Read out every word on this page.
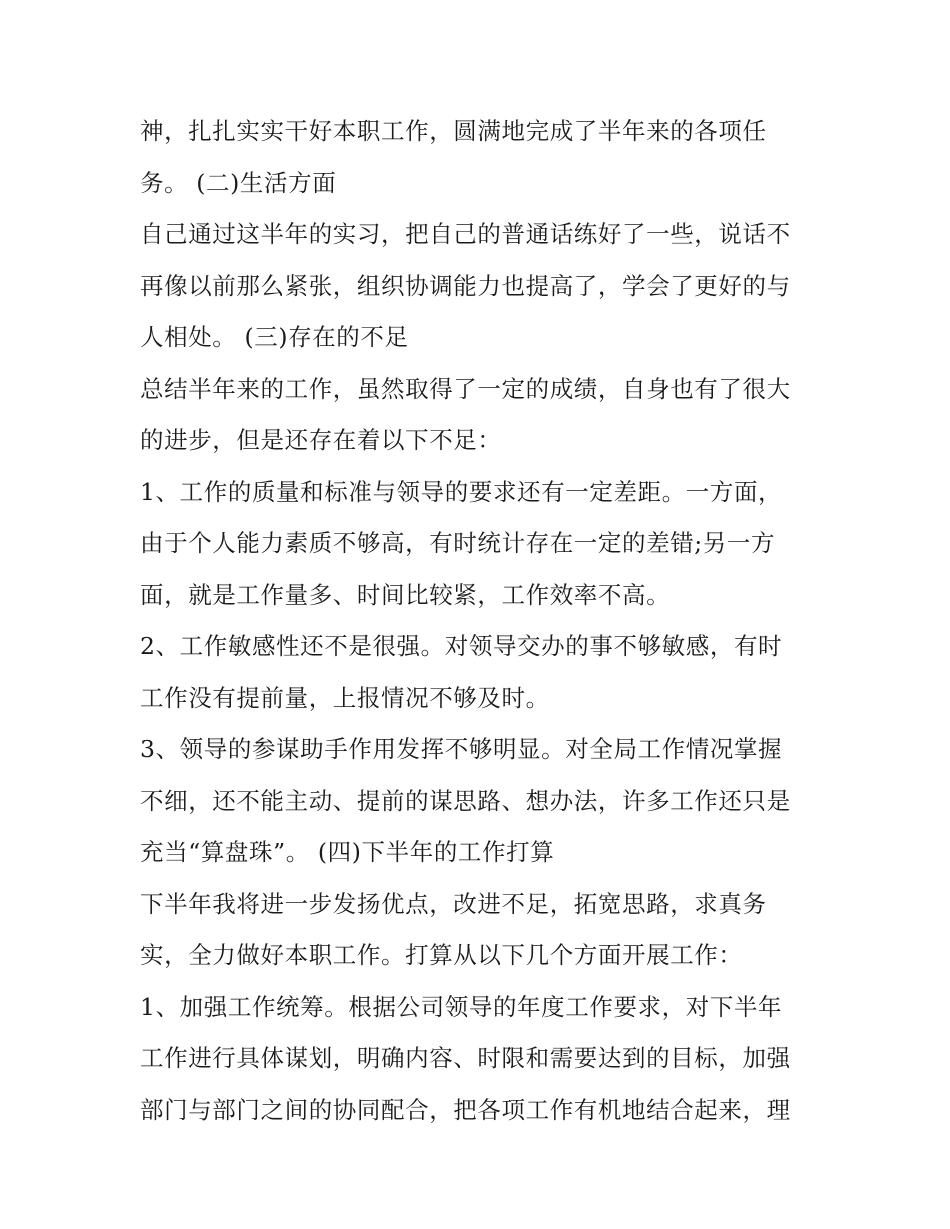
神，扎扎实实干好本职工作，圆满地完成了半年来的各项任
务。 (二)生活方面
自己通过这半年的实习，把自己的普通话练好了一些，说话不
再像以前那么紧张，组织协调能力也提高了，学会了更好的与
人相处。 (三)存在的不足
总结半年来的工作，虽然取得了一定的成绩，自身也有了很大
的进步，但是还存在着以下不足：
1、工作的质量和标准与领导的要求还有一定差距。一方面，
由于个人能力素质不够高，有时统计存在一定的差错;另一方
面，就是工作量多、时间比较紧，工作效率不高。
2、工作敏感性还不是很强。对领导交办的事不够敏感，有时
工作没有提前量，上报情况不够及时。
3、领导的参谋助手作用发挥不够明显。对全局工作情况掌握
不细，还不能主动、提前的谋思路、想办法，许多工作还只是
充当“算盘珠”。 (四)下半年的工作打算
下半年我将进一步发扬优点，改进不足，拓宽思路，求真务
实，全力做好本职工作。打算从以下几个方面开展工作：
1、加强工作统筹。根据公司领导的年度工作要求，对下半年
工作进行具体谋划，明确内容、时限和需要达到的目标，加强
部门与部门之间的协同配合，把各项工作有机地结合起来，理
